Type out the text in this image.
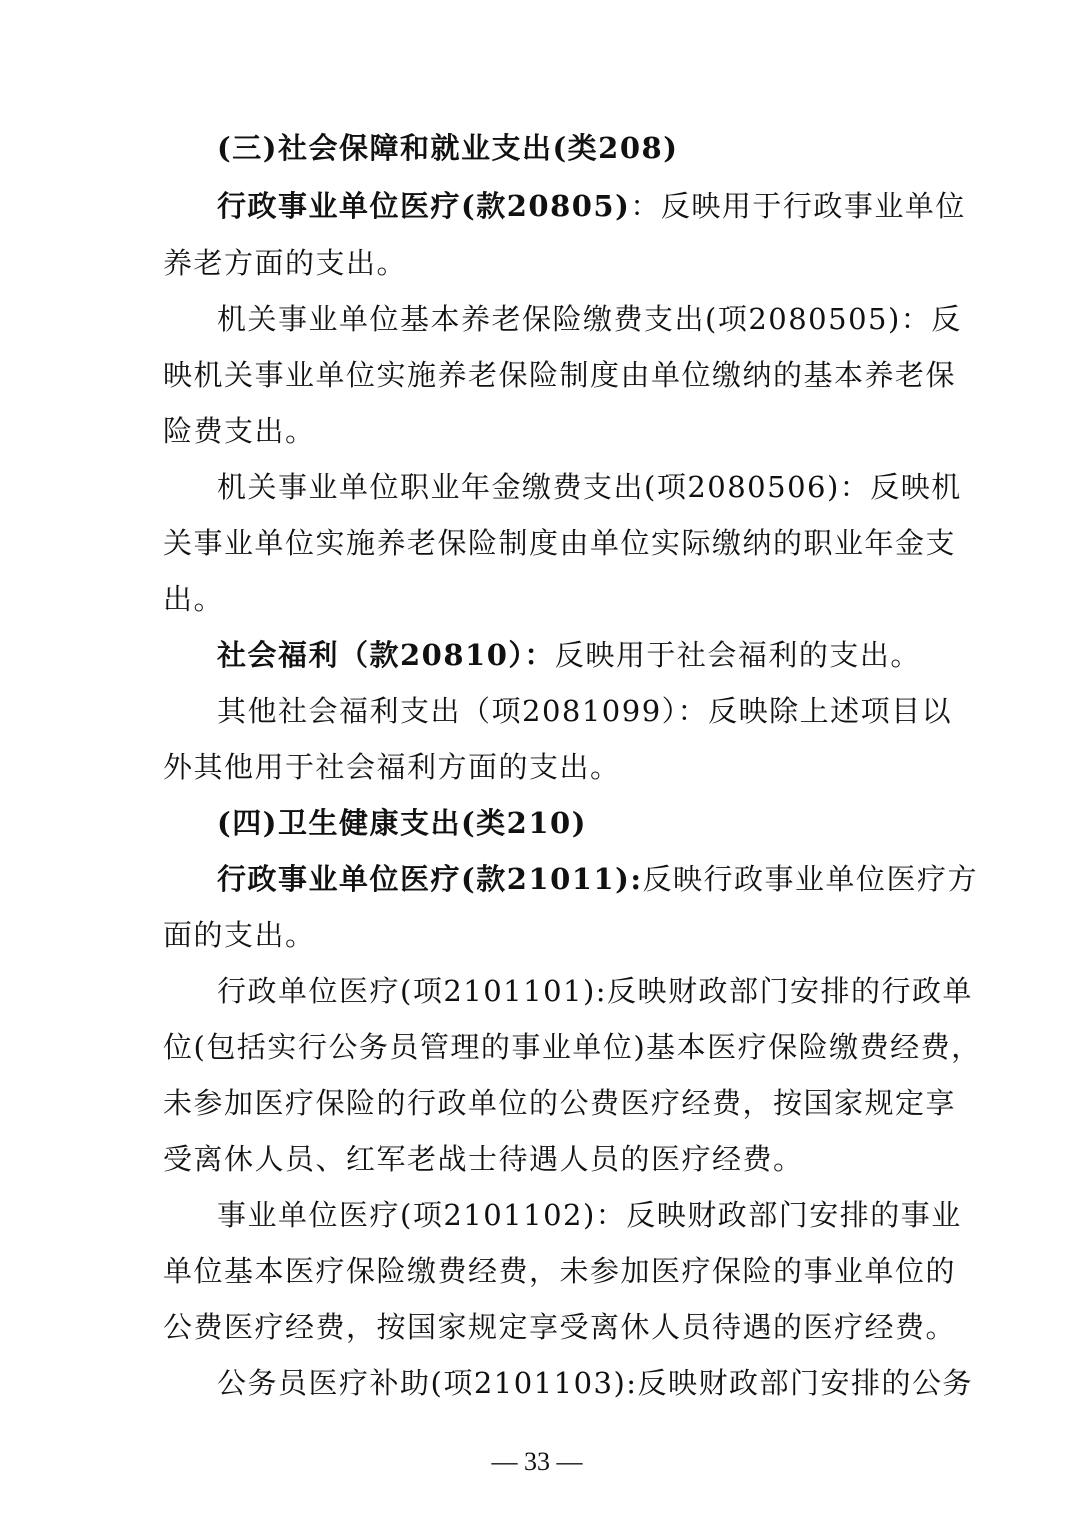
(三)社会保障和就业支出(类208)
行政事业单位医疗(款20805)：反映用于行政事业单位
养老方面的支出。
机关事业单位基本养老保险缴费支出(项2080505)：反
映机关事业单位实施养老保险制度由单位缴纳的基本养老保
险费支出。
机关事业单位职业年金缴费支出(项2080506)：反映机
关事业单位实施养老保险制度由单位实际缴纳的职业年金支
出。
社会福利（款20810）：反映用于社会福利的支出。
其他社会福利支出（项2081099）：反映除上述项目以
外其他用于社会福利方面的支出。
(四)卫生健康支出(类210)
行政事业单位医疗(款21011):反映行政事业单位医疗方
面的支出。
行政单位医疗(项2101101):反映财政部门安排的行政单
位(包括实行公务员管理的事业单位)基本医疗保险缴费经费，
未参加医疗保险的行政单位的公费医疗经费，按国家规定享
受离休人员、红军老战士待遇人员的医疗经费。
事业单位医疗(项2101102)：反映财政部门安排的事业
单位基本医疗保险缴费经费，未参加医疗保险的事业单位的
公费医疗经费，按国家规定享受离休人员待遇的医疗经费。
公务员医疗补助(项2101103):反映财政部门安排的公务
— 33 —
